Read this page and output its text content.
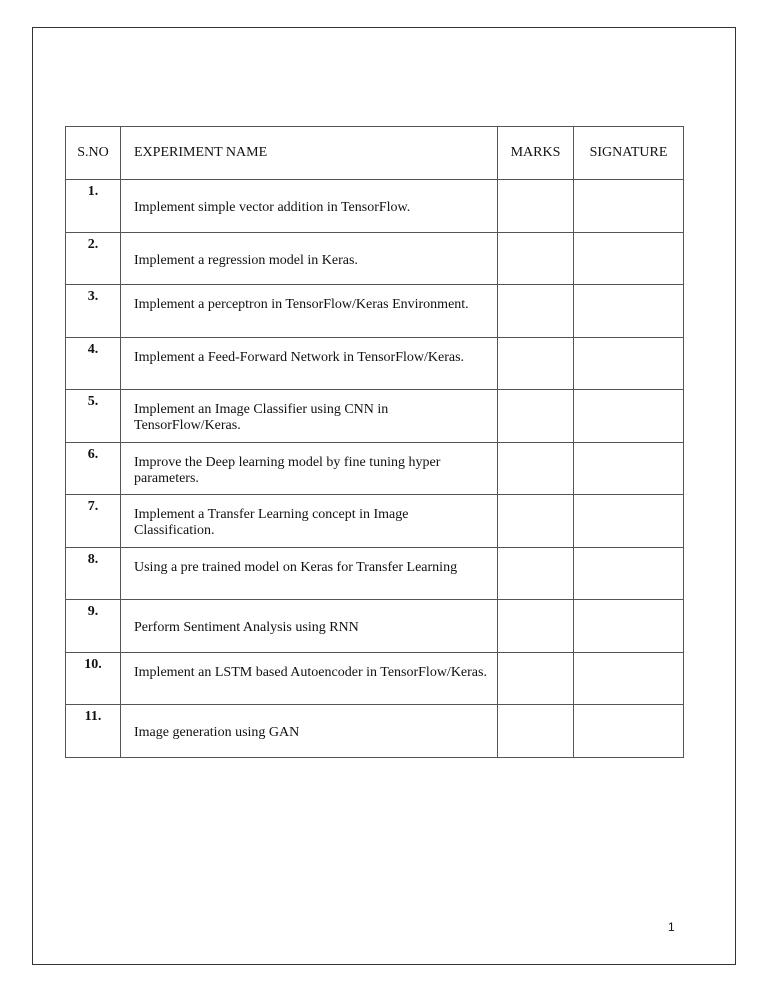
S.NO	EXPERIMENT NAME	MARKS	SIGNATURE
1.	Implement simple vector addition in TensorFlow.		
2.	Implement a regression model in Keras.		
3.	Implement a perceptron in TensorFlow/Keras Environment.		
4.	Implement a Feed-Forward Network in TensorFlow/Keras.		
5.	Implement an Image Classifier using CNN in TensorFlow/Keras.		
6.	Improve the Deep learning model by fine tuning hyper parameters.		
7.	Implement a Transfer Learning concept in Image Classification.		
8.	Using a pre trained model on Keras for Transfer Learning		
9.	Perform Sentiment Analysis using RNN		
10.	Implement an LSTM based Autoencoder in TensorFlow/Keras.		
11.	Image generation using GAN		
1
